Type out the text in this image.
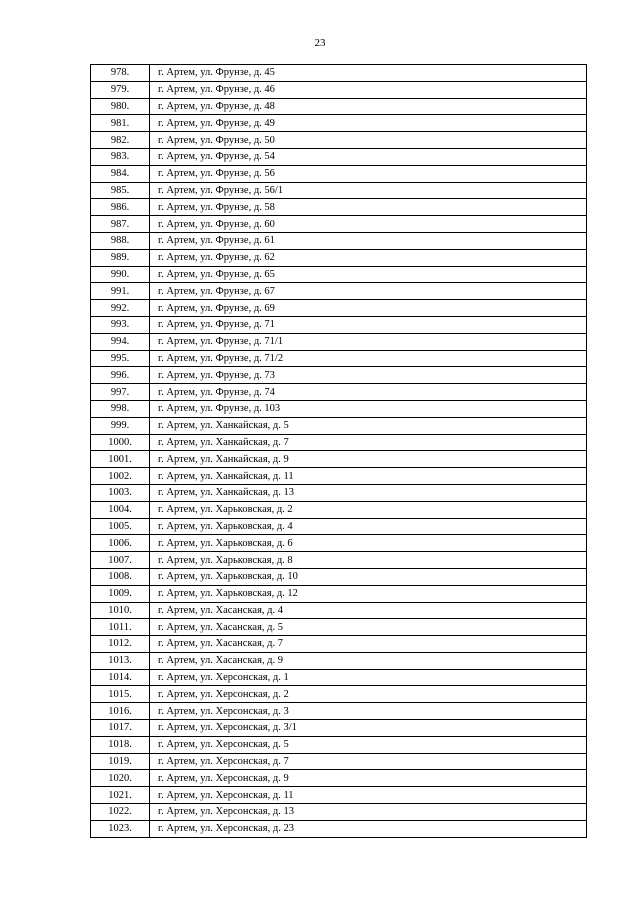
23
978.	г. Артем, ул. Фрунзе, д. 45
979.	г. Артем, ул. Фрунзе, д. 46
980.	г. Артем, ул. Фрунзе, д. 48
981.	г. Артем, ул. Фрунзе, д. 49
982.	г. Артем, ул. Фрунзе, д. 50
983.	г. Артем, ул. Фрунзе, д. 54
984.	г. Артем, ул. Фрунзе, д. 56
985.	г. Артем, ул. Фрунзе, д. 56/1
986.	г. Артем, ул. Фрунзе, д. 58
987.	г. Артем, ул. Фрунзе, д. 60
988.	г. Артем, ул. Фрунзе, д. 61
989.	г. Артем, ул. Фрунзе, д. 62
990.	г. Артем, ул. Фрунзе, д. 65
991.	г. Артем, ул. Фрунзе, д. 67
992.	г. Артем, ул. Фрунзе, д. 69
993.	г. Артем, ул. Фрунзе, д. 71
994.	г. Артем, ул. Фрунзе, д. 71/1
995.	г. Артем, ул. Фрунзе, д. 71/2
996.	г. Артем, ул. Фрунзе, д. 73
997.	г. Артем, ул. Фрунзе, д. 74
998.	г. Артем, ул. Фрунзе, д. 103
999.	г. Артем, ул. Ханкайская, д. 5
1000.	г. Артем, ул. Ханкайская, д. 7
1001.	г. Артем, ул. Ханкайская, д. 9
1002.	г. Артем, ул. Ханкайская, д. 11
1003.	г. Артем, ул. Ханкайская, д. 13
1004.	г. Артем, ул. Харьковская, д. 2
1005.	г. Артем, ул. Харьковская, д. 4
1006.	г. Артем, ул. Харьковская, д. 6
1007.	г. Артем, ул. Харьковская, д. 8
1008.	г. Артем, ул. Харьковская, д. 10
1009.	г. Артем, ул. Харьковская, д. 12
1010.	г. Артем, ул. Хасанская, д. 4
1011.	г. Артем, ул. Хасанская, д. 5
1012.	г. Артем, ул. Хасанская, д. 7
1013.	г. Артем, ул. Хасанская, д. 9
1014.	г. Артем, ул. Херсонская, д. 1
1015.	г. Артем, ул. Херсонская, д. 2
1016.	г. Артем, ул. Херсонская, д. 3
1017.	г. Артем, ул. Херсонская, д. 3/1
1018.	г. Артем, ул. Херсонская, д. 5
1019.	г. Артем, ул. Херсонская, д. 7
1020.	г. Артем, ул. Херсонская, д. 9
1021.	г. Артем, ул. Херсонская, д. 11
1022.	г. Артем, ул. Херсонская, д. 13
1023.	г. Артем, ул. Херсонская, д. 23
